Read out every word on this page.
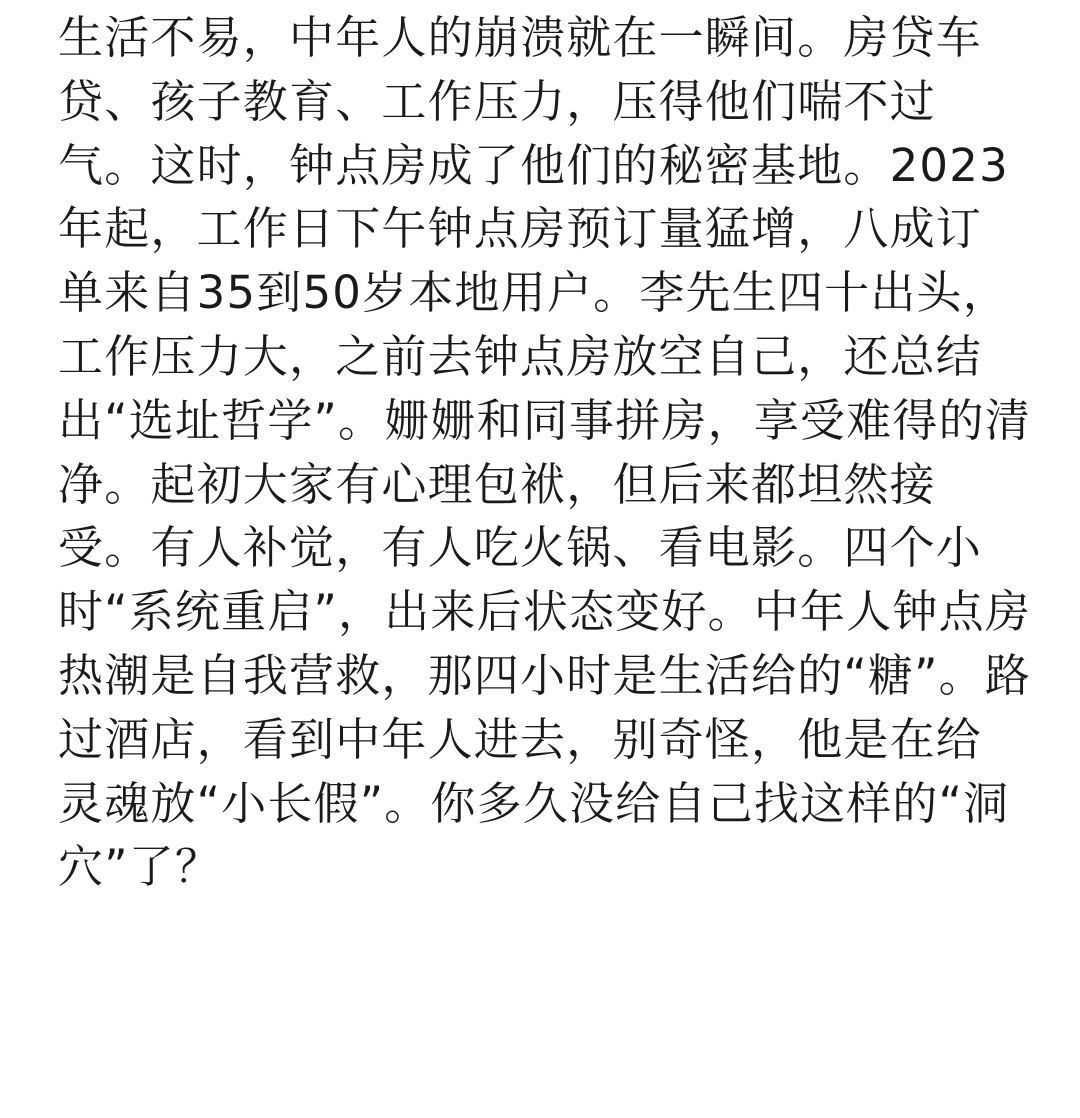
生活不易，中年人的崩溃就在一瞬间。房贷车
贷、孩子教育、工作压力，压得他们喘不过
气。这时，钟点房成了他们的秘密基地。2023
年起，工作日下午钟点房预订量猛增，八成订
单来自35到50岁本地用户。李先生四十出头，
工作压力大，之前去钟点房放空自己，还总结
出“选址哲学”。姗姗和同事拼房，享受难得的清
净。起初大家有心理包袱，但后来都坦然接
受。有人补觉，有人吃火锅、看电影。四个小
时“系统重启”，出来后状态变好。中年人钟点房
热潮是自我营救，那四小时是生活给的“糖”。路
过酒店，看到中年人进去，别奇怪，他是在给
灵魂放“小长假”。你多久没给自己找这样的“洞
穴”了？
